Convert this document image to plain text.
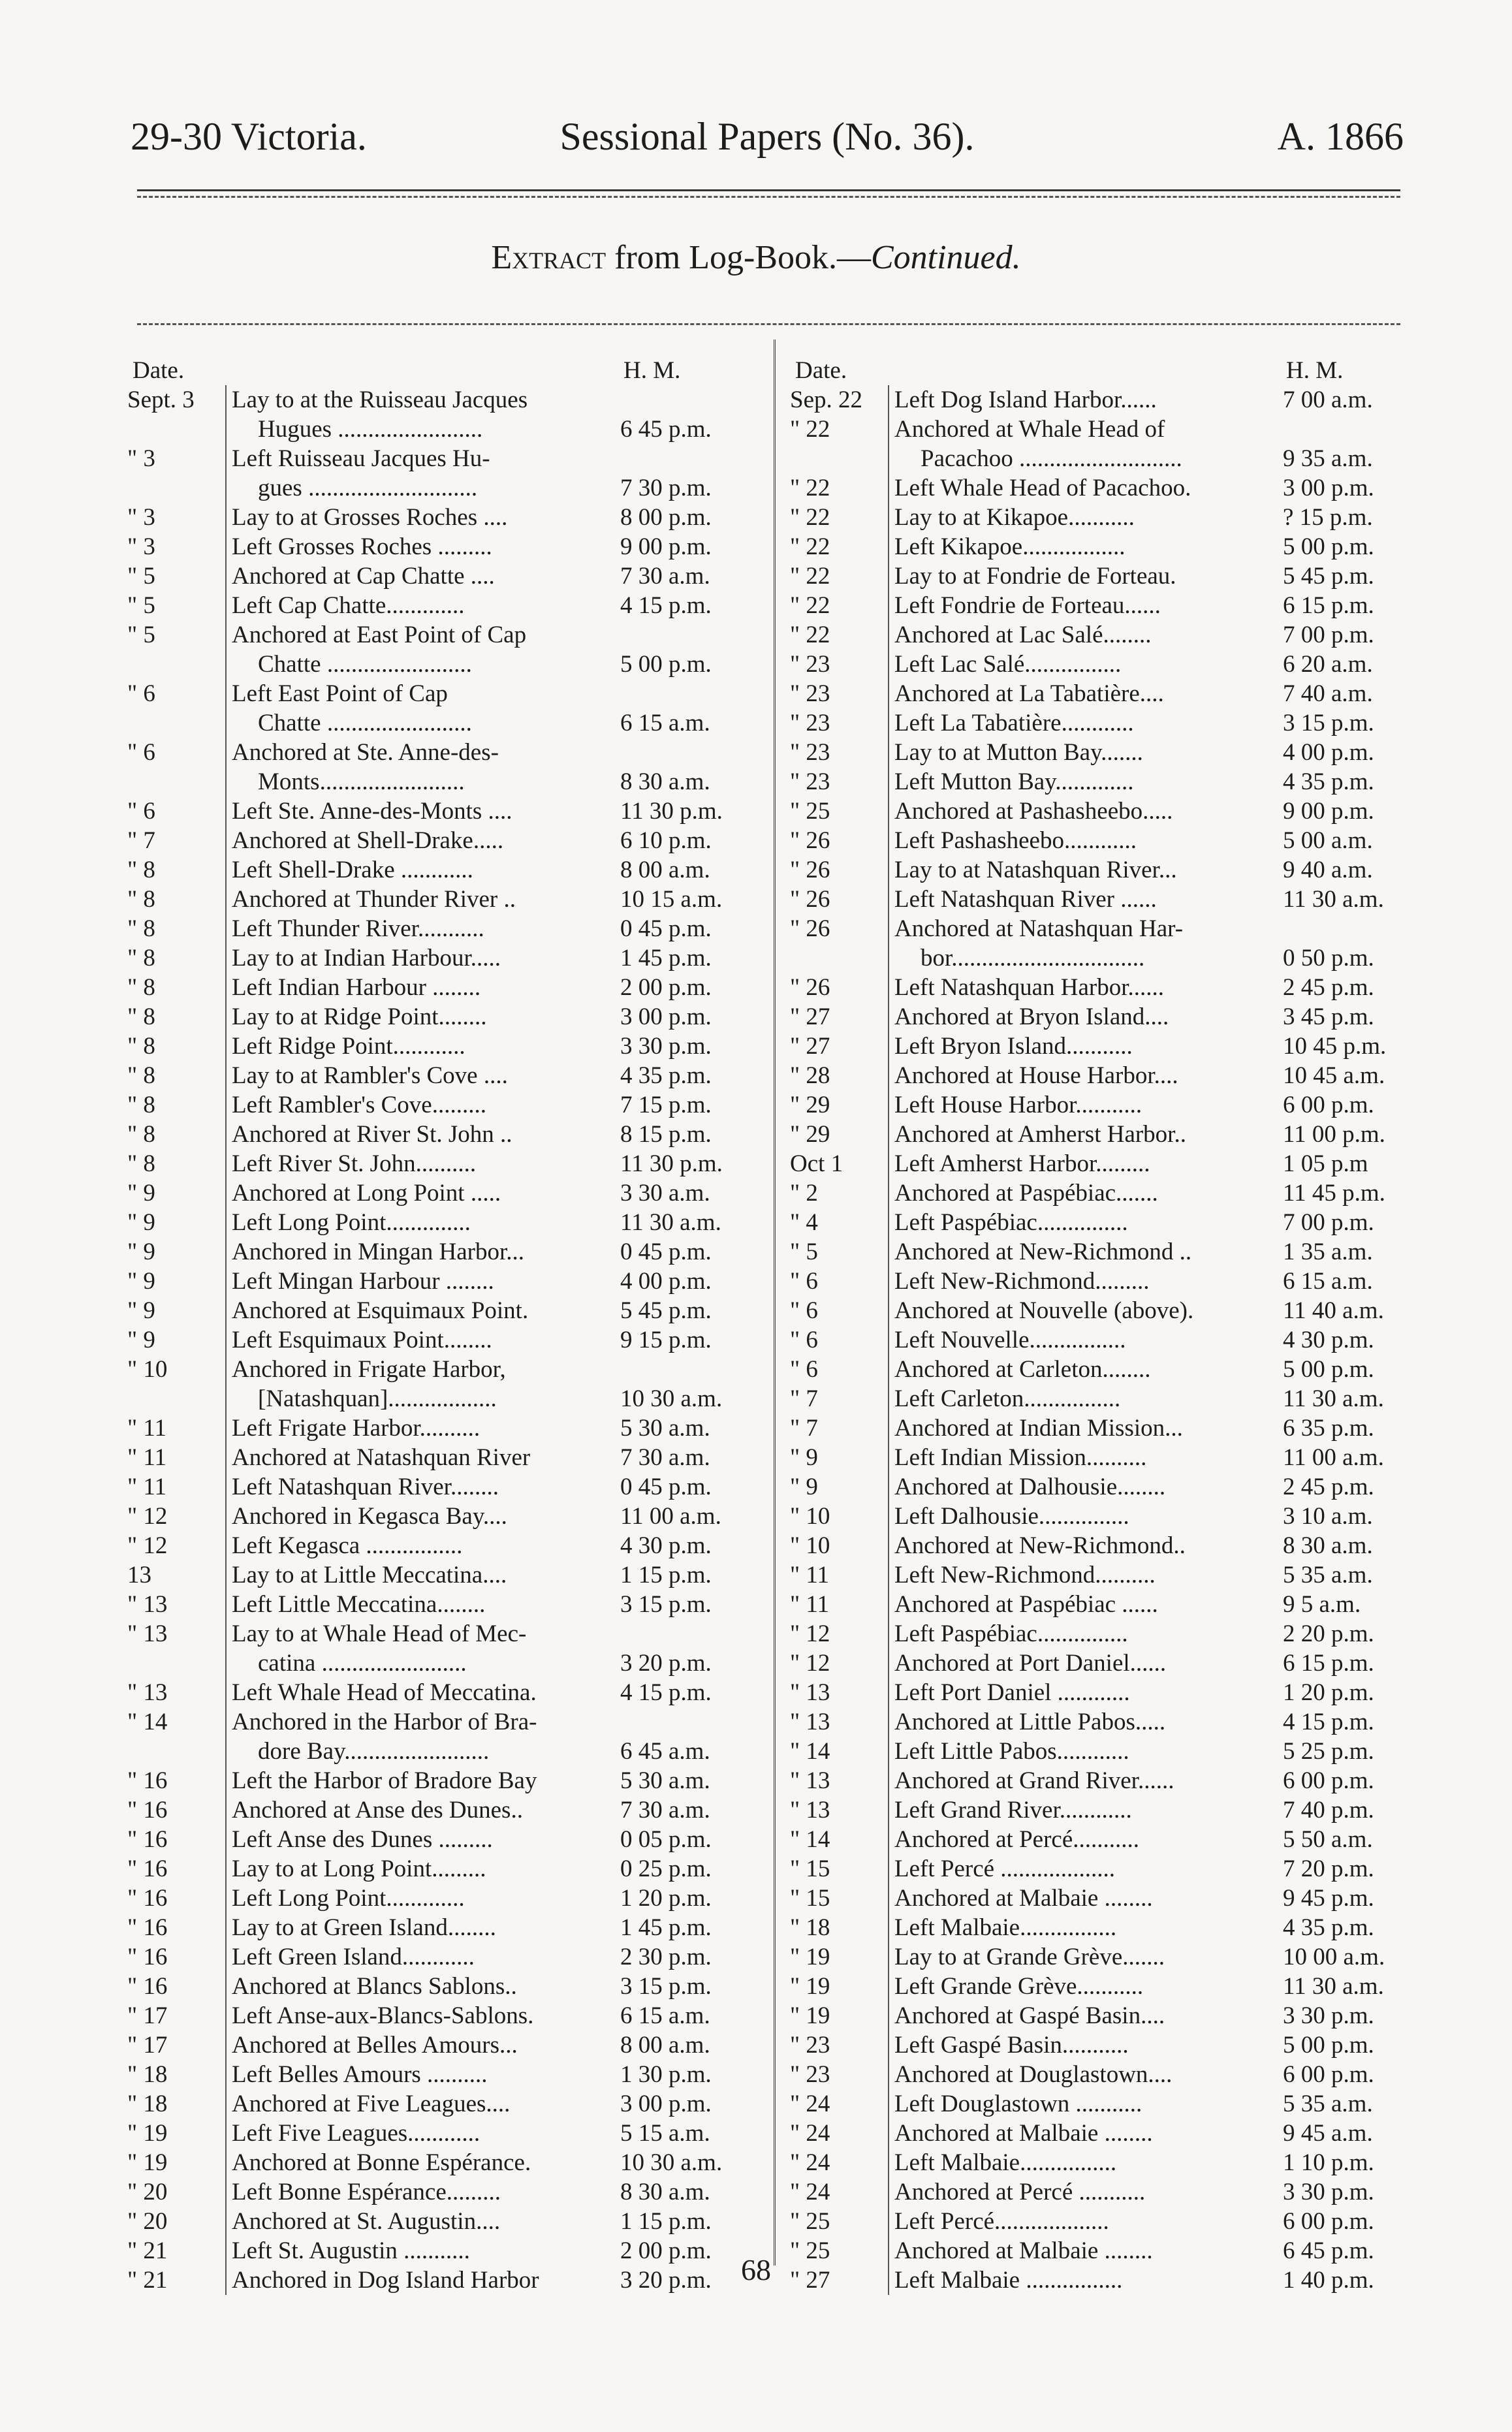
29-30 Victoria.	Sessional Papers (No. 36).	A. 1866
Extract from Log-Book.—Continued.
Date.	H. M.
Sept. 3	Lay to at the Ruisseau Jacques
Hugues ........................	6 45 p.m.
" 3	Left Ruisseau Jacques Hu-
gues ............................	7 30 p.m.
" 3	Lay to at Grosses Roches ....	8 00 p.m.
" 3	Left Grosses Roches .........	9 00 p.m.
" 5	Anchored at Cap Chatte ....	7 30 a.m.
" 5	Left Cap Chatte.............	4 15 p.m.
" 5	Anchored at East Point of Cap
Chatte ........................	5 00 p.m.
" 6	Left East Point of Cap
Chatte ........................	6 15 a.m.
" 6	Anchored at Ste. Anne-des-
Monts........................	8 30 a.m.
" 6	Left Ste. Anne-des-Monts ....	11 30 p.m.
" 7	Anchored at Shell-Drake.....	6 10 p.m.
" 8	Left Shell-Drake ............	8 00 a.m.
" 8	Anchored at Thunder River ..	10 15 a.m.
" 8	Left Thunder River...........	0 45 p.m.
" 8	Lay to at Indian Harbour.....	1 45 p.m.
" 8	Left Indian Harbour ........	2 00 p.m.
" 8	Lay to at Ridge Point........	3 00 p.m.
" 8	Left Ridge Point............	3 30 p.m.
" 8	Lay to at Rambler's Cove ....	4 35 p.m.
" 8	Left Rambler's Cove.........	7 15 p.m.
" 8	Anchored at River St. John ..	8 15 p.m.
" 8	Left River St. John..........	11 30 p.m.
" 9	Anchored at Long Point .....	3 30 a.m.
" 9	Left Long Point..............	11 30 a.m.
" 9	Anchored in Mingan Harbor...	0 45 p.m.
" 9	Left Mingan Harbour ........	4 00 p.m.
" 9	Anchored at Esquimaux Point.	5 45 p.m.
" 9	Left Esquimaux Point........	9 15 p.m.
" 10	Anchored in Frigate Harbor,
[Natashquan]..................	10 30 a.m.
" 11	Left Frigate Harbor..........	5 30 a.m.
" 11	Anchored at Natashquan River	7 30 a.m.
" 11	Left Natashquan River........	0 45 p.m.
" 12	Anchored in Kegasca Bay....	11 00 a.m.
" 12	Left Kegasca ................	4 30 p.m.
13	Lay to at Little Meccatina....	1 15 p.m.
" 13	Left Little Meccatina........	3 15 p.m.
" 13	Lay to at Whale Head of Mec-
catina ........................	3 20 p.m.
" 13	Left Whale Head of Meccatina.	4 15 p.m.
" 14	Anchored in the Harbor of Bra-
dore Bay........................	6 45 a.m.
" 16	Left the Harbor of Bradore Bay	5 30 a.m.
" 16	Anchored at Anse des Dunes..	7 30 a.m.
" 16	Left Anse des Dunes .........	0 05 p.m.
" 16	Lay to at Long Point.........	0 25 p.m.
" 16	Left Long Point.............	1 20 p.m.
" 16	Lay to at Green Island........	1 45 p.m.
" 16	Left Green Island............	2 30 p.m.
" 16	Anchored at Blancs Sablons..	3 15 p.m.
" 17	Left Anse-aux-Blancs-Sablons.	6 15 a.m.
" 17	Anchored at Belles Amours...	8 00 a.m.
" 18	Left Belles Amours ..........	1 30 p.m.
" 18	Anchored at Five Leagues....	3 00 p.m.
" 19	Left Five Leagues............	5 15 a.m.
" 19	Anchored at Bonne Espérance.	10 30 a.m.
" 20	Left Bonne Espérance.........	8 30 a.m.
" 20	Anchored at St. Augustin....	1 15 p.m.
" 21	Left St. Augustin ...........	2 00 p.m.
" 21	Anchored in Dog Island Harbor	3 20 p.m.
Date.	H. M.
Sep. 22	Left Dog Island Harbor......	7 00 a.m.
" 22	Anchored at Whale Head of
Pacachoo ...........................	9 35 a.m.
" 22	Left Whale Head of Pacachoo.	3 00 p.m.
" 22	Lay to at Kikapoe...........	? 15 p.m.
" 22	Left Kikapoe.................	5 00 p.m.
" 22	Lay to at Fondrie de Forteau.	5 45 p.m.
" 22	Left Fondrie de Forteau......	6 15 p.m.
" 22	Anchored at Lac Salé........	7 00 p.m.
" 23	Left Lac Salé................	6 20 a.m.
" 23	Anchored at La Tabatière....	7 40 a.m.
" 23	Left La Tabatière............	3 15 p.m.
" 23	Lay to at Mutton Bay.......	4 00 p.m.
" 23	Left Mutton Bay.............	4 35 p.m.
" 25	Anchored at Pashasheebo.....	9 00 p.m.
" 26	Left Pashasheebo............	5 00 a.m.
" 26	Lay to at Natashquan River...	9 40 a.m.
" 26	Left Natashquan River ......	11 30 a.m.
" 26	Anchored at Natashquan Har-
bor................................	0 50 p.m.
" 26	Left Natashquan Harbor......	2 45 p.m.
" 27	Anchored at Bryon Island....	3 45 p.m.
" 27	Left Bryon Island...........	10 45 p.m.
" 28	Anchored at House Harbor....	10 45 a.m.
" 29	Left House Harbor...........	6 00 p.m.
" 29	Anchored at Amherst Harbor..	11 00 p.m.
Oct 1	Left Amherst Harbor.........	1 05 p.m
" 2	Anchored at Paspébiac.......	11 45 p.m.
" 4	Left Paspébiac...............	7 00 p.m.
" 5	Anchored at New-Richmond ..	1 35 a.m.
" 6	Left New-Richmond.........	6 15 a.m.
" 6	Anchored at Nouvelle (above).	11 40 a.m.
" 6	Left Nouvelle................	4 30 p.m.
" 6	Anchored at Carleton........	5 00 p.m.
" 7	Left Carleton................	11 30 a.m.
" 7	Anchored at Indian Mission...	6 35 p.m.
" 9	Left Indian Mission..........	11 00 a.m.
" 9	Anchored at Dalhousie........	2 45 p.m.
" 10	Left Dalhousie...............	3 10 a.m.
" 10	Anchored at New-Richmond..	8 30 a.m.
" 11	Left New-Richmond..........	5 35 a.m.
" 11	Anchored at Paspébiac ......	9 5 a.m.
" 12	Left Paspébiac...............	2 20 p.m.
" 12	Anchored at Port Daniel......	6 15 p.m.
" 13	Left Port Daniel ............	1 20 p.m.
" 13	Anchored at Little Pabos.....	4 15 p.m.
" 14	Left Little Pabos............	5 25 p.m.
" 13	Anchored at Grand River......	6 00 p.m.
" 13	Left Grand River............	7 40 p.m.
" 14	Anchored at Percé...........	5 50 a.m.
" 15	Left Percé ...................	7 20 p.m.
" 15	Anchored at Malbaie ........	9 45 p.m.
" 18	Left Malbaie................	4 35 p.m.
" 19	Lay to at Grande Grève.......	10 00 a.m.
" 19	Left Grande Grève...........	11 30 a.m.
" 19	Anchored at Gaspé Basin....	3 30 p.m.
" 23	Left Gaspé Basin...........	5 00 p.m.
" 23	Anchored at Douglastown....	6 00 p.m.
" 24	Left Douglastown ...........	5 35 a.m.
" 24	Anchored at Malbaie ........	9 45 a.m.
" 24	Left Malbaie................	1 10 p.m.
" 24	Anchored at Percé ...........	3 30 p.m.
" 25	Left Percé...................	6 00 p.m.
" 25	Anchored at Malbaie ........	6 45 p.m.
" 27	Left Malbaie ................	1 40 p.m.
68
